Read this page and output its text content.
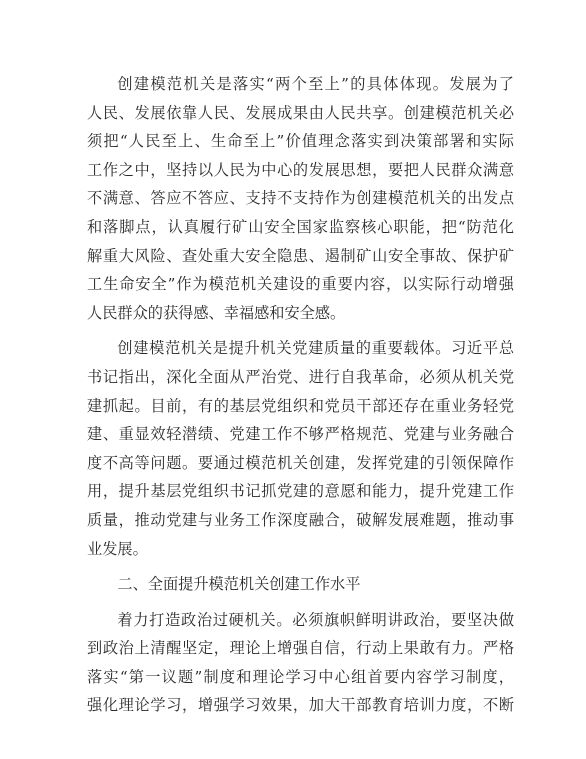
创建模范机关是落实“两个至上”的具体体现。发展为了
人民、发展依靠人民、发展成果由人民共享。创建模范机关必
须把“人民至上、生命至上”价值理念落实到决策部署和实际
工作之中，坚持以人民为中心的发展思想，要把人民群众满意
不满意、答应不答应、支持不支持作为创建模范机关的出发点
和落脚点，认真履行矿山安全国家监察核心职能，把“防范化
解重大风险、查处重大安全隐患、遏制矿山安全事故、保护矿
工生命安全”作为模范机关建设的重要内容，以实际行动增强
人民群众的获得感、幸福感和安全感。
创建模范机关是提升机关党建质量的重要载体。习近平总
书记指出，深化全面从严治党、进行自我革命，必须从机关党
建抓起。目前，有的基层党组织和党员干部还存在重业务轻党
建、重显效轻潜绩、党建工作不够严格规范、党建与业务融合
度不高等问题。要通过模范机关创建，发挥党建的引领保障作
用，提升基层党组织书记抓党建的意愿和能力，提升党建工作
质量，推动党建与业务工作深度融合，破解发展难题，推动事
业发展。
二、全面提升模范机关创建工作水平
着力打造政治过硬机关。必须旗帜鲜明讲政治，要坚决做
到政治上清醒坚定，理论上增强自信，行动上果敢有力。严格
落实“第一议题”制度和理论学习中心组首要内容学习制度，
强化理论学习，增强学习效果，加大干部教育培训力度，不断
